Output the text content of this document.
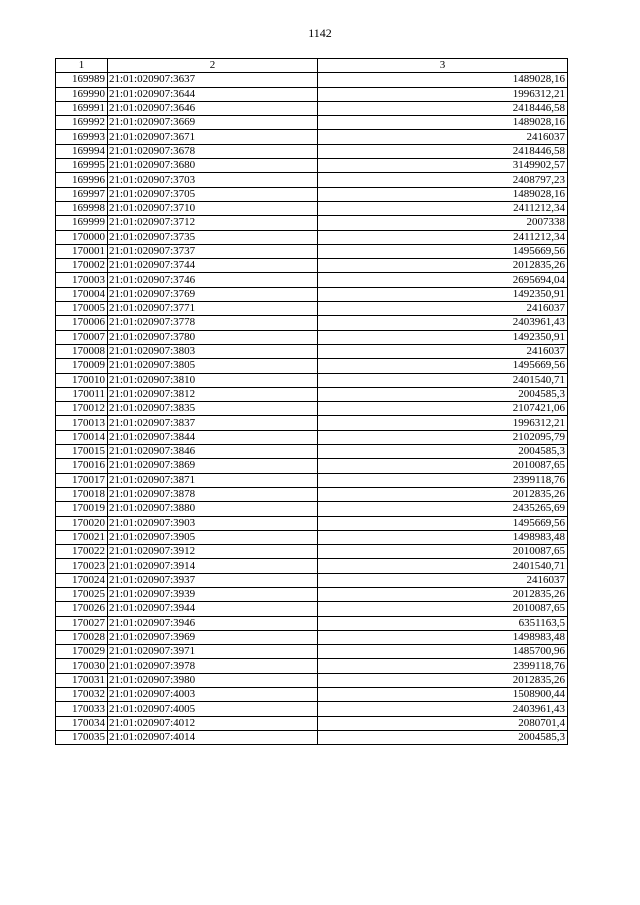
1142
1	2	3
169989	21:01:020907:3637	1489028,16
169990	21:01:020907:3644	1996312,21
169991	21:01:020907:3646	2418446,58
169992	21:01:020907:3669	1489028,16
169993	21:01:020907:3671	2416037
169994	21:01:020907:3678	2418446,58
169995	21:01:020907:3680	3149902,57
169996	21:01:020907:3703	2408797,23
169997	21:01:020907:3705	1489028,16
169998	21:01:020907:3710	2411212,34
169999	21:01:020907:3712	2007338
170000	21:01:020907:3735	2411212,34
170001	21:01:020907:3737	1495669,56
170002	21:01:020907:3744	2012835,26
170003	21:01:020907:3746	2695694,04
170004	21:01:020907:3769	1492350,91
170005	21:01:020907:3771	2416037
170006	21:01:020907:3778	2403961,43
170007	21:01:020907:3780	1492350,91
170008	21:01:020907:3803	2416037
170009	21:01:020907:3805	1495669,56
170010	21:01:020907:3810	2401540,71
170011	21:01:020907:3812	2004585,3
170012	21:01:020907:3835	2107421,06
170013	21:01:020907:3837	1996312,21
170014	21:01:020907:3844	2102095,79
170015	21:01:020907:3846	2004585,3
170016	21:01:020907:3869	2010087,65
170017	21:01:020907:3871	2399118,76
170018	21:01:020907:3878	2012835,26
170019	21:01:020907:3880	2435265,69
170020	21:01:020907:3903	1495669,56
170021	21:01:020907:3905	1498983,48
170022	21:01:020907:3912	2010087,65
170023	21:01:020907:3914	2401540,71
170024	21:01:020907:3937	2416037
170025	21:01:020907:3939	2012835,26
170026	21:01:020907:3944	2010087,65
170027	21:01:020907:3946	6351163,5
170028	21:01:020907:3969	1498983,48
170029	21:01:020907:3971	1485700,96
170030	21:01:020907:3978	2399118,76
170031	21:01:020907:3980	2012835,26
170032	21:01:020907:4003	1508900,44
170033	21:01:020907:4005	2403961,43
170034	21:01:020907:4012	2080701,4
170035	21:01:020907:4014	2004585,3
